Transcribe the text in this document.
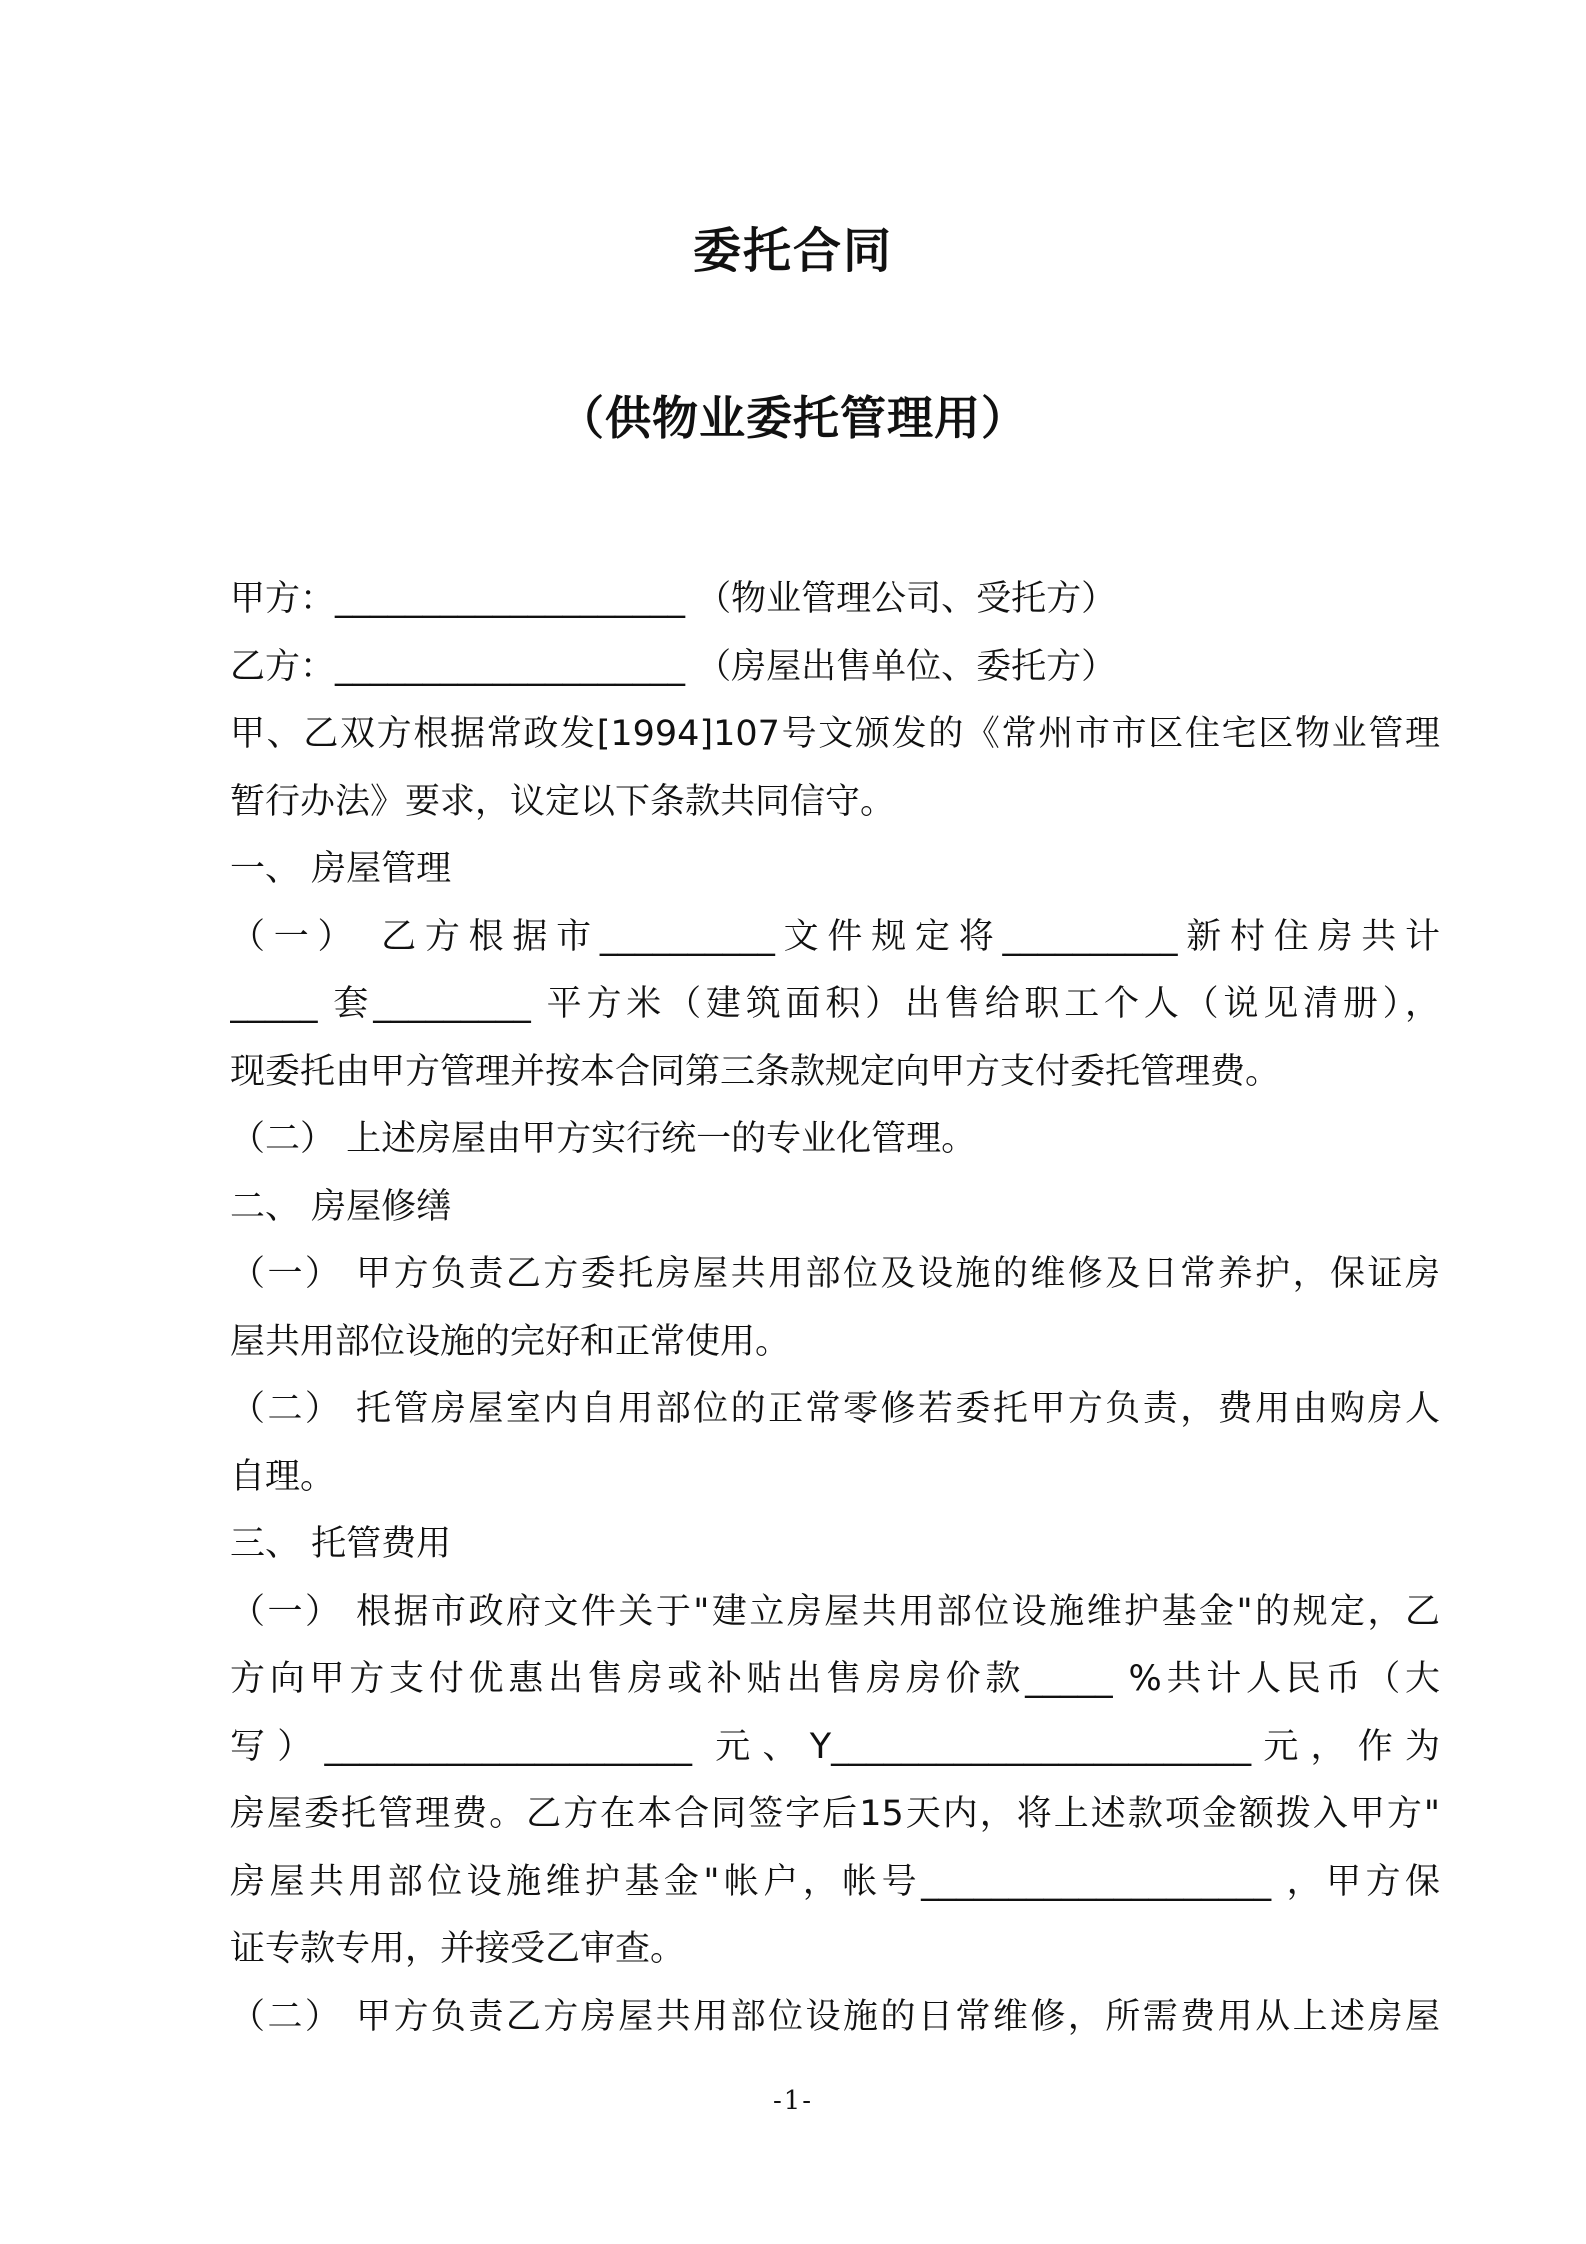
委托合同
（供物业委托管理用）
甲方：____________________ （物业管理公司、受托方）
乙方：____________________ （房屋出售单位、委托方）
甲、乙双方根据常政发[1994]107号文颁发的《常州市市区住宅区物业管理
暂行办法》要求，议定以下条款共同信守。
一、 房屋管理
（一） 乙方根据市__________文件规定将__________新村住房共计
_____ 套_________ 平方米（建筑面积）出售给职工个人（说见清册），
现委托由甲方管理并按本合同第三条款规定向甲方支付委托管理费。
（二） 上述房屋由甲方实行统一的专业化管理。
二、 房屋修缮
（一） 甲方负责乙方委托房屋共用部位及设施的维修及日常养护，保证房
屋共用部位设施的完好和正常使用。
（二） 托管房屋室内自用部位的正常零修若委托甲方负责，费用由购房人
自理。
三、 托管费用
（一） 根据市政府文件关于"建立房屋共用部位设施维护基金"的规定，乙
方向甲方支付优惠出售房或补贴出售房房价款_____ %共计人民币（大
写）_____________________ 元、Y________________________元，作为
房屋委托管理费。乙方在本合同签字后15天内，将上述款项金额拨入甲方"
房屋共用部位设施维护基金"帐户，帐号____________________ ，甲方保
证专款专用，并接受乙审查。
（二） 甲方负责乙方房屋共用部位设施的日常维修，所需费用从上述房屋
-1-
